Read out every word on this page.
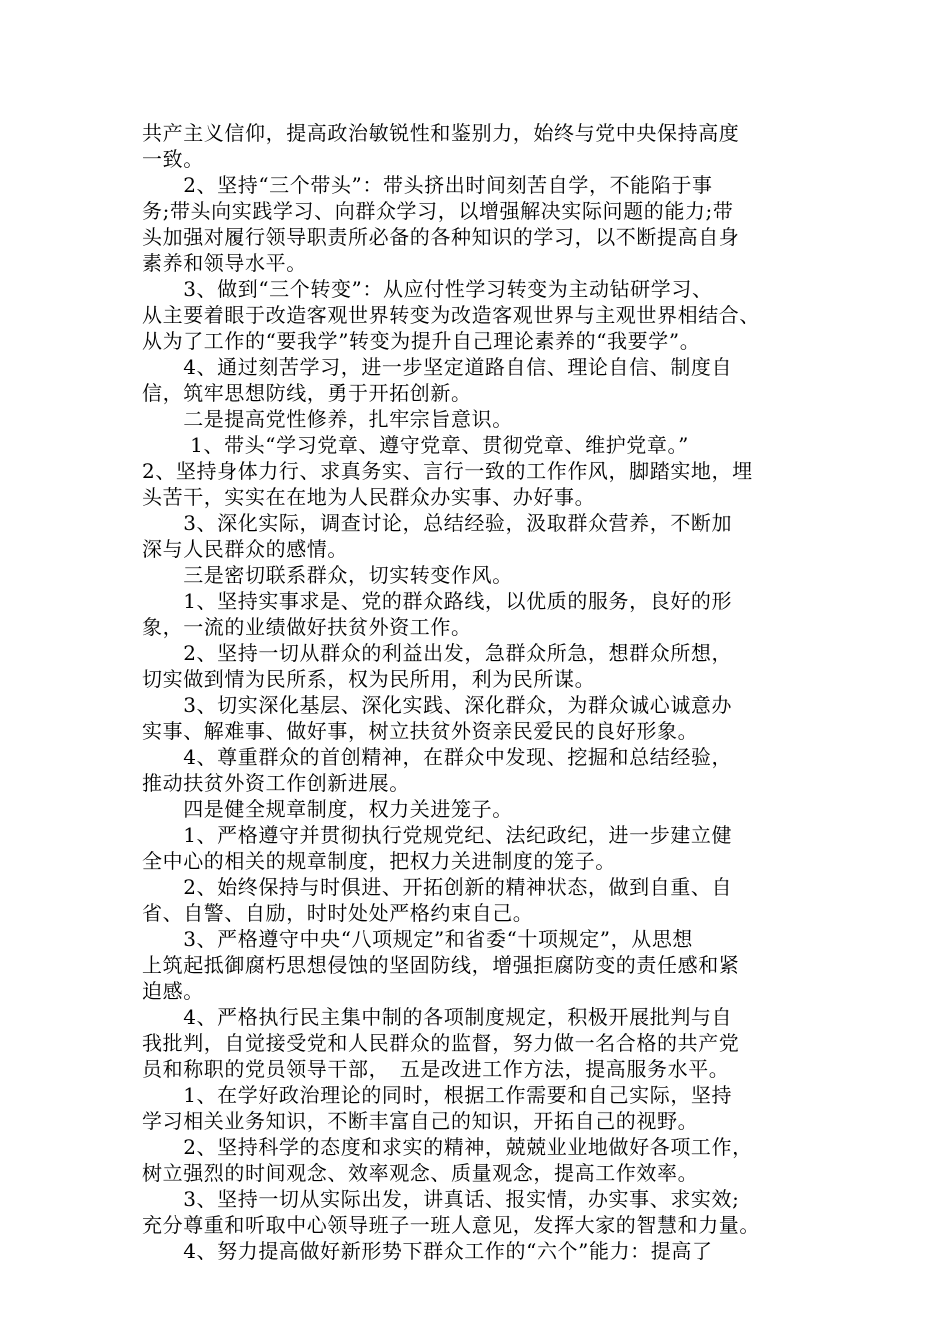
共产主义信仰，提高政治敏锐性和鉴别力，始终与党中央保持高度
一致。
　　2、坚持“三个带头”：带头挤出时间刻苦自学，不能陷于事
务;带头向实践学习、向群众学习，以增强解决实际问题的能力;带
头加强对履行领导职责所必备的各种知识的学习，以不断提高自身
素养和领导水平。
　　3、做到“三个转变”：从应付性学习转变为主动钻研学习、
从主要着眼于改造客观世界转变为改造客观世界与主观世界相结合、
从为了工作的“要我学”转变为提升自己理论素养的“我要学”。
　　4、通过刻苦学习，进一步坚定道路自信、理论自信、制度自
信，筑牢思想防线，勇于开拓创新。
　　二是提高党性修养，扎牢宗旨意识。
　　 1、带头“学习党章、遵守党章、贯彻党章、维护党章。”
2、坚持身体力行、求真务实、言行一致的工作作风，脚踏实地，埋
头苦干，实实在在地为人民群众办实事、办好事。
　　3、深化实际，调查讨论，总结经验，汲取群众营养，不断加
深与人民群众的感情。
　　三是密切联系群众，切实转变作风。
　　1、坚持实事求是、党的群众路线，以优质的服务，良好的形
象，一流的业绩做好扶贫外资工作。
　　2、坚持一切从群众的利益出发，急群众所急，想群众所想，
切实做到情为民所系，权为民所用，利为民所谋。
　　3、切实深化基层、深化实践、深化群众，为群众诚心诚意办
实事、解难事、做好事，树立扶贫外资亲民爱民的良好形象。
　　4、尊重群众的首创精神，在群众中发现、挖掘和总结经验，
推动扶贫外资工作创新进展。
　　四是健全规章制度，权力关进笼子。
　　1、严格遵守并贯彻执行党规党纪、法纪政纪，进一步建立健
全中心的相关的规章制度，把权力关进制度的笼子。
　　2、始终保持与时俱进、开拓创新的精神状态，做到自重、自
省、自警、自励，时时处处严格约束自己。
　　3、严格遵守中央“八项规定”和省委“十项规定”，从思想
上筑起抵御腐朽思想侵蚀的坚固防线，增强拒腐防变的责任感和紧
迫感。
　　4、严格执行民主集中制的各项制度规定，积极开展批判与自
我批判，自觉接受党和人民群众的监督，努力做一名合格的共产党
员和称职的党员领导干部，　五是改进工作方法，提高服务水平。
　　1、在学好政治理论的同时，根据工作需要和自己实际，坚持
学习相关业务知识，不断丰富自己的知识，开拓自己的视野。
　　2、坚持科学的态度和求实的精神，兢兢业业地做好各项工作，
树立强烈的时间观念、效率观念、质量观念，提高工作效率。
　　3、坚持一切从实际出发，讲真话、报实情，办实事、求实效;
充分尊重和听取中心领导班子一班人意见，发挥大家的智慧和力量。
　　4、努力提高做好新形势下群众工作的“六个”能力：提高了
